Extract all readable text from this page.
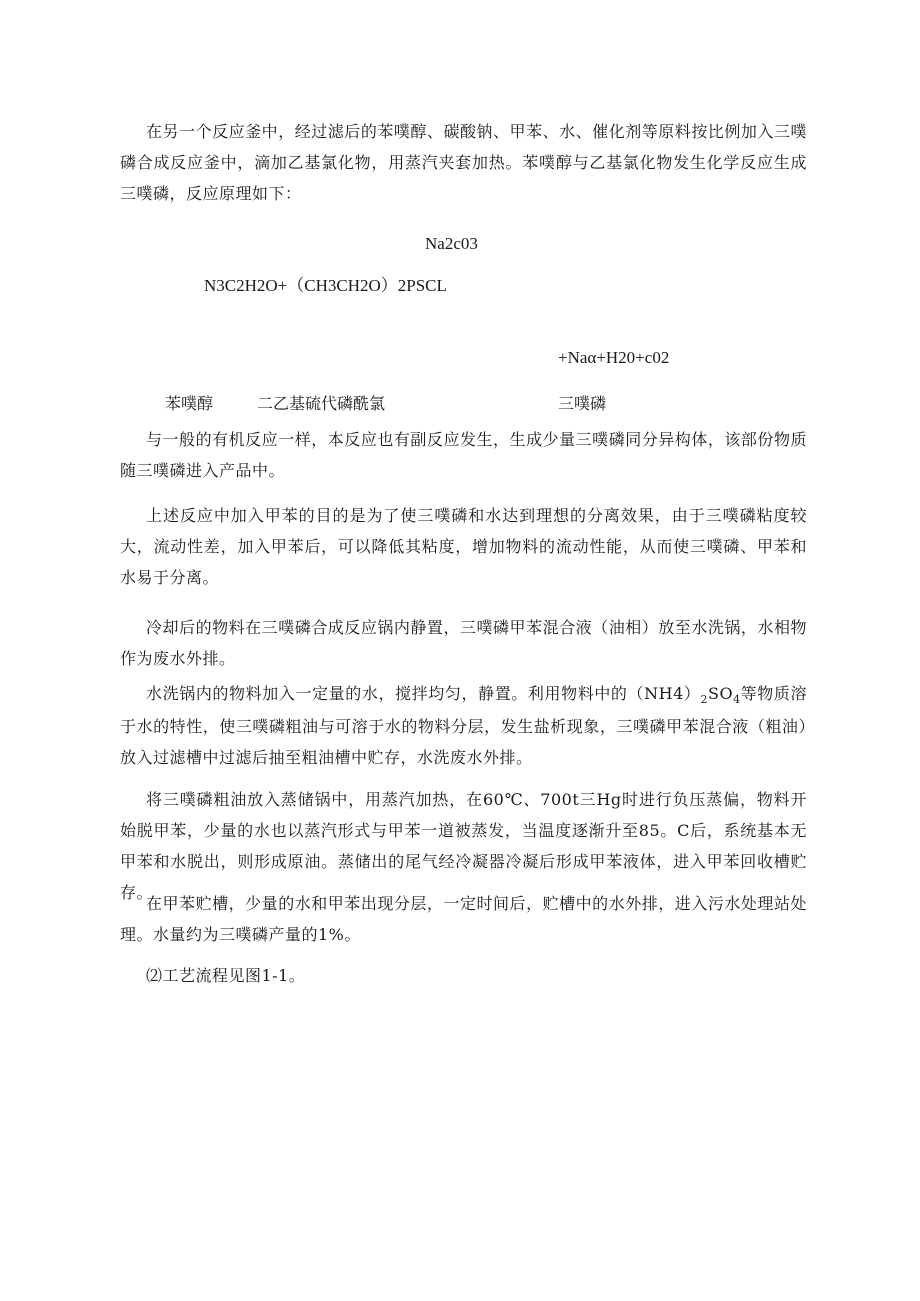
在另一个反应釜中，经过滤后的苯噗醇、碳酸钠、甲苯、水、催化剂等原料按比例加入三噗磷合成反应釜中，滴加乙基氯化物，用蒸汽夹套加热。苯噗醇与乙基氯化物发生化学反应生成三噗磷，反应原理如下：

Na2c03
N3C2H2O+（CH3CH2O）2PSCL
+Naα+H20+c02
苯噗醇	二乙基硫代磷酰氯	三噗磷

与一般的有机反应一样，本反应也有副反应发生，生成少量三噗磷同分异构体，该部份物质随三噗磷进入产品中。

上述反应中加入甲苯的目的是为了使三噗磷和水达到理想的分离效果，由于三噗磷粘度较大，流动性差，加入甲苯后，可以降低其粘度，增加物料的流动性能，从而使三噗磷、甲苯和水易于分离。

冷却后的物料在三噗磷合成反应锅内静置，三噗磷甲苯混合液（油相）放至水洗锅，水相物作为废水外排。

水洗锅内的物料加入一定量的水，搅拌均匀，静置。利用物料中的$(NH4)_2SO_4$等物质溶于水的特性，使三噗磷粗油与可溶于水的物料分层，发生盐析现象，三噗磷甲苯混合液（粗油）放入过滤槽中过滤后抽至粗油槽中贮存，水洗废水外排。

将三噗磷粗油放入蒸储锅中，用蒸汽加热，在60℃、700t三Hg时进行负压蒸偏，物料开始脱甲苯，少量的水也以蒸汽形式与甲苯一道被蒸发，当温度逐渐升至85。C后，系统基本无甲苯和水脱出，则形成原油。蒸储出的尾气经冷凝器冷凝后形成甲苯液体，进入甲苯回收槽贮存。

在甲苯贮槽，少量的水和甲苯出现分层，一定时间后，贮槽中的水外排，进入污水处理站处理。水量约为三噗磷产量的1%。

⑵工艺流程见图1-1。
